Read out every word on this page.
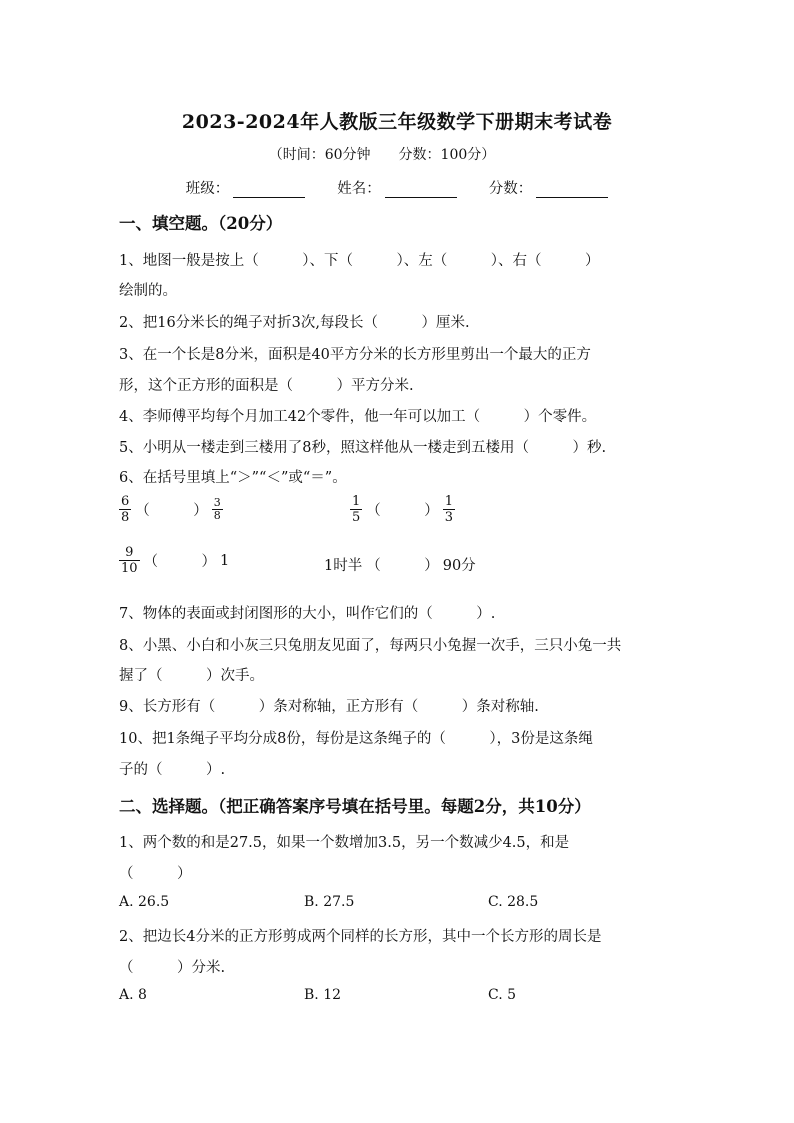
2023-2024年人教版三年级数学下册期末考试卷
（时间：60分钟　　分数：100分）
班级：	姓名：	分数：
一、填空题。（20分）
1、地图一般是按上（　　　）、下（　　　）、左（　　　）、右（　　　）
绘制的。
2、把16分米长的绳子对折3次,每段长（　　　）厘米.
3、在一个长是8分米，面积是40平方分米的长方形里剪出一个最大的正方
形，这个正方形的面积是（　　　）平方分米.
4、李师傅平均每个月加工42个零件，他一年可以加工（　　　）个零件。
5、小明从一楼走到三楼用了8秒，照这样他从一楼走到五楼用（　　　）秒.
6、在括号里填上“＞”“＜”或“＝”。
$\frac{6}{8}$ （　　　） $\frac{3}{8}$	$\frac{1}{5}$ （　　　） $\frac{1}{3}$
$\frac{9}{10}$ （　　　） 1	1时半 （　　　） 90分
7、物体的表面或封闭图形的大小，叫作它们的（　　　）.
8、小黑、小白和小灰三只兔朋友见面了，每两只小兔握一次手，三只小兔一共
握了（　　　）次手。
9、长方形有（　　　）条对称轴，正方形有（　　　）条对称轴.
10、把1条绳子平均分成8份，每份是这条绳子的（　　　），3份是这条绳
子的（　　　）.
二、选择题。（把正确答案序号填在括号里。每题2分，共10分）
1、两个数的和是27.5，如果一个数增加3.5，另一个数减少4.5，和是
（　　　）
A. 26.5	B. 27.5	C. 28.5
2、把边长4分米的正方形剪成两个同样的长方形，其中一个长方形的周长是
（　　　）分米.
A. 8	B. 12	C. 5
